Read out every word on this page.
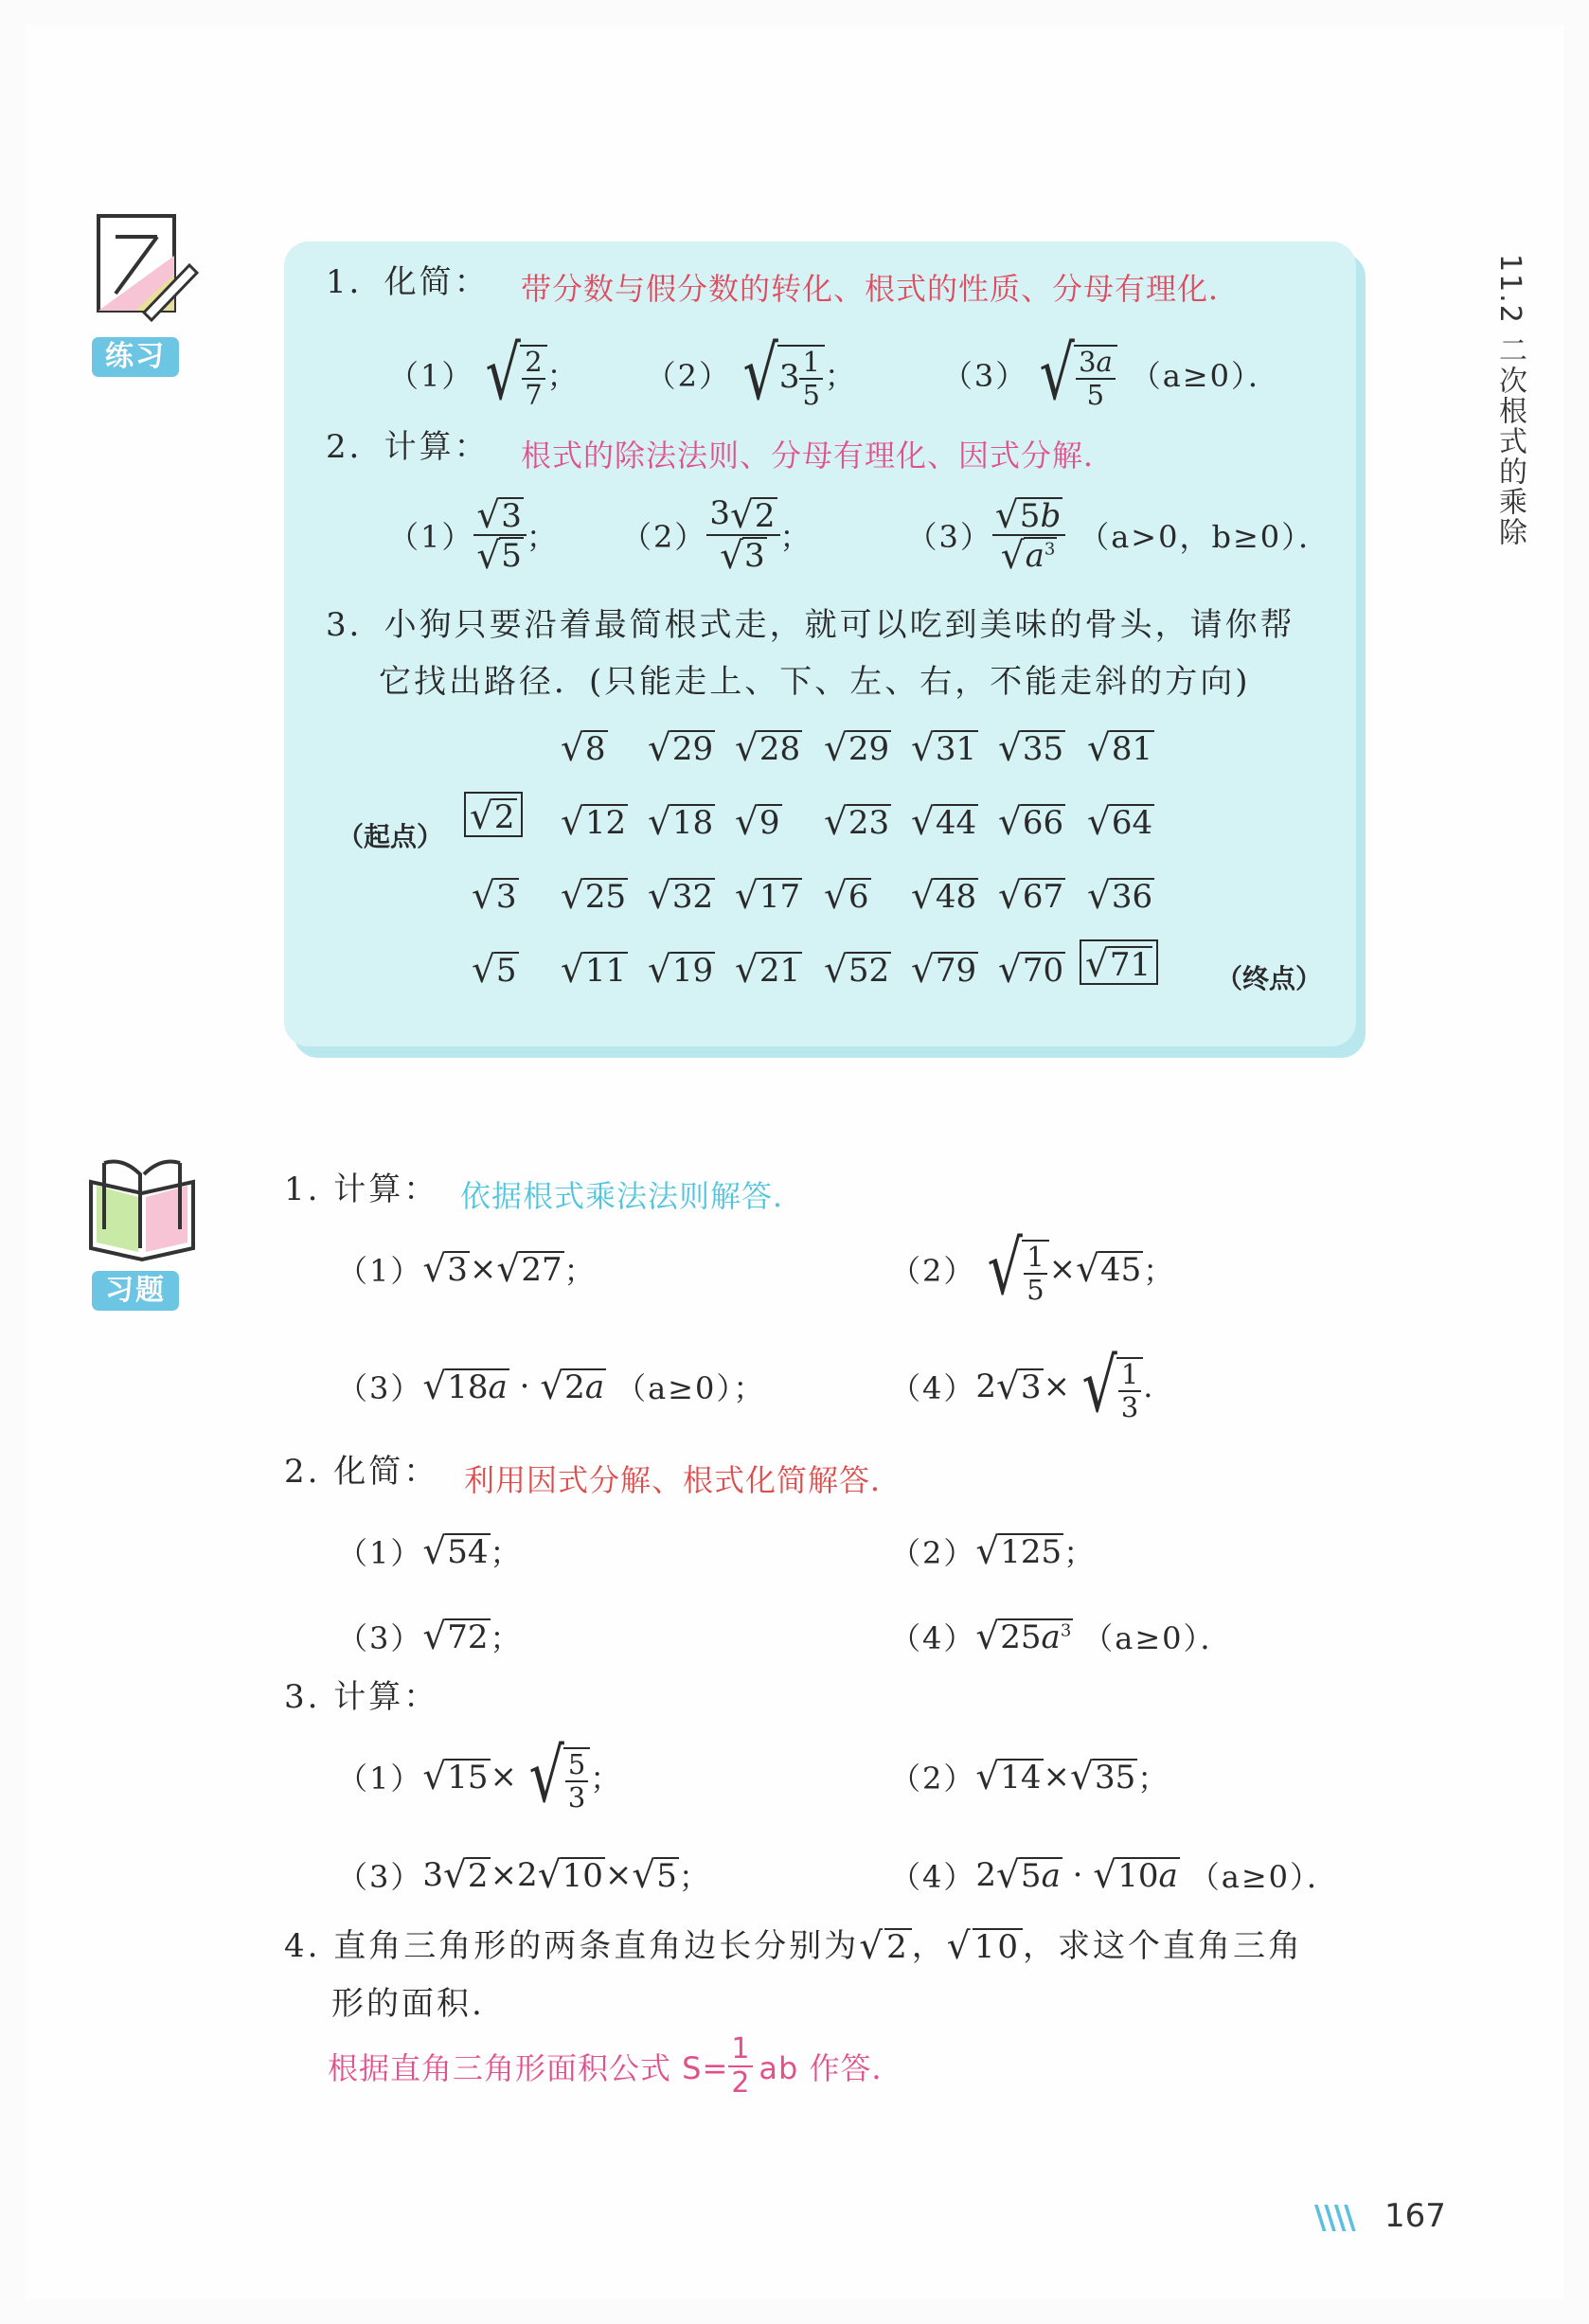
11.2 二次根式的乘除
练习
1．化简： 带分数与假分数的转化、根式的性质、分母有理化．
（1） √ $\frac{2}{7}$ ； （2） $√3 \frac{1}{5}$ ；	（3） √ $\frac{3a}{5} (a\ge 0)$．
2．计算： 根式的除法法则、分母有理化、因式分解．
（1）
√3
√5
； （2）
3√2
√3
；	（3）
√5b
$√a^3$ （a>0，b≥0）．
3．小狗只要沿着最简根式走，就可以吃到美味的骨头，请你帮
它找出路径．(只能走上、下、左、右，不能走斜的方向)
（起点）
（终点）
√8 √29 √28 √29 √31 √35 √81
√2 √12 √18 √9 √23 √44 √66 √64
√3 √25 √32 √17 √6 √48 √67 √36
√5 √11 √19 √21 √52 √79 √70 √71
习题
1. 计算： 依据根式乘法法则解答．
（1） √3 × √27 ；	（2） √ $\frac{1}{5} \times √45$ ；
（3） √18a · √2a （a≥0）；	（4） 2 √3 × √ $\frac{1}{3}$ .
2. 化简： 利用因式分解、根式化简解答．
（1） √54 ；	（2） √125 ；
（3） √72 ；	（4） $√25a^3$ （a≥0）．
3. 计算：
（1） √15 × √ $\frac{5}{3}$ ；	（2） √14 × √35 ；
（3） 3 √2 ×2 √10 × √5 ；	（4） 2 √5a · √10a （a≥0）．
4. 直角三角形的两条直角边长分别为 √2 ， √10 ，求这个直角三角
形的面积.
根据直角三角形面积公式 $S= \frac{1}{2}$ ab 作答．
\\\\ 167
